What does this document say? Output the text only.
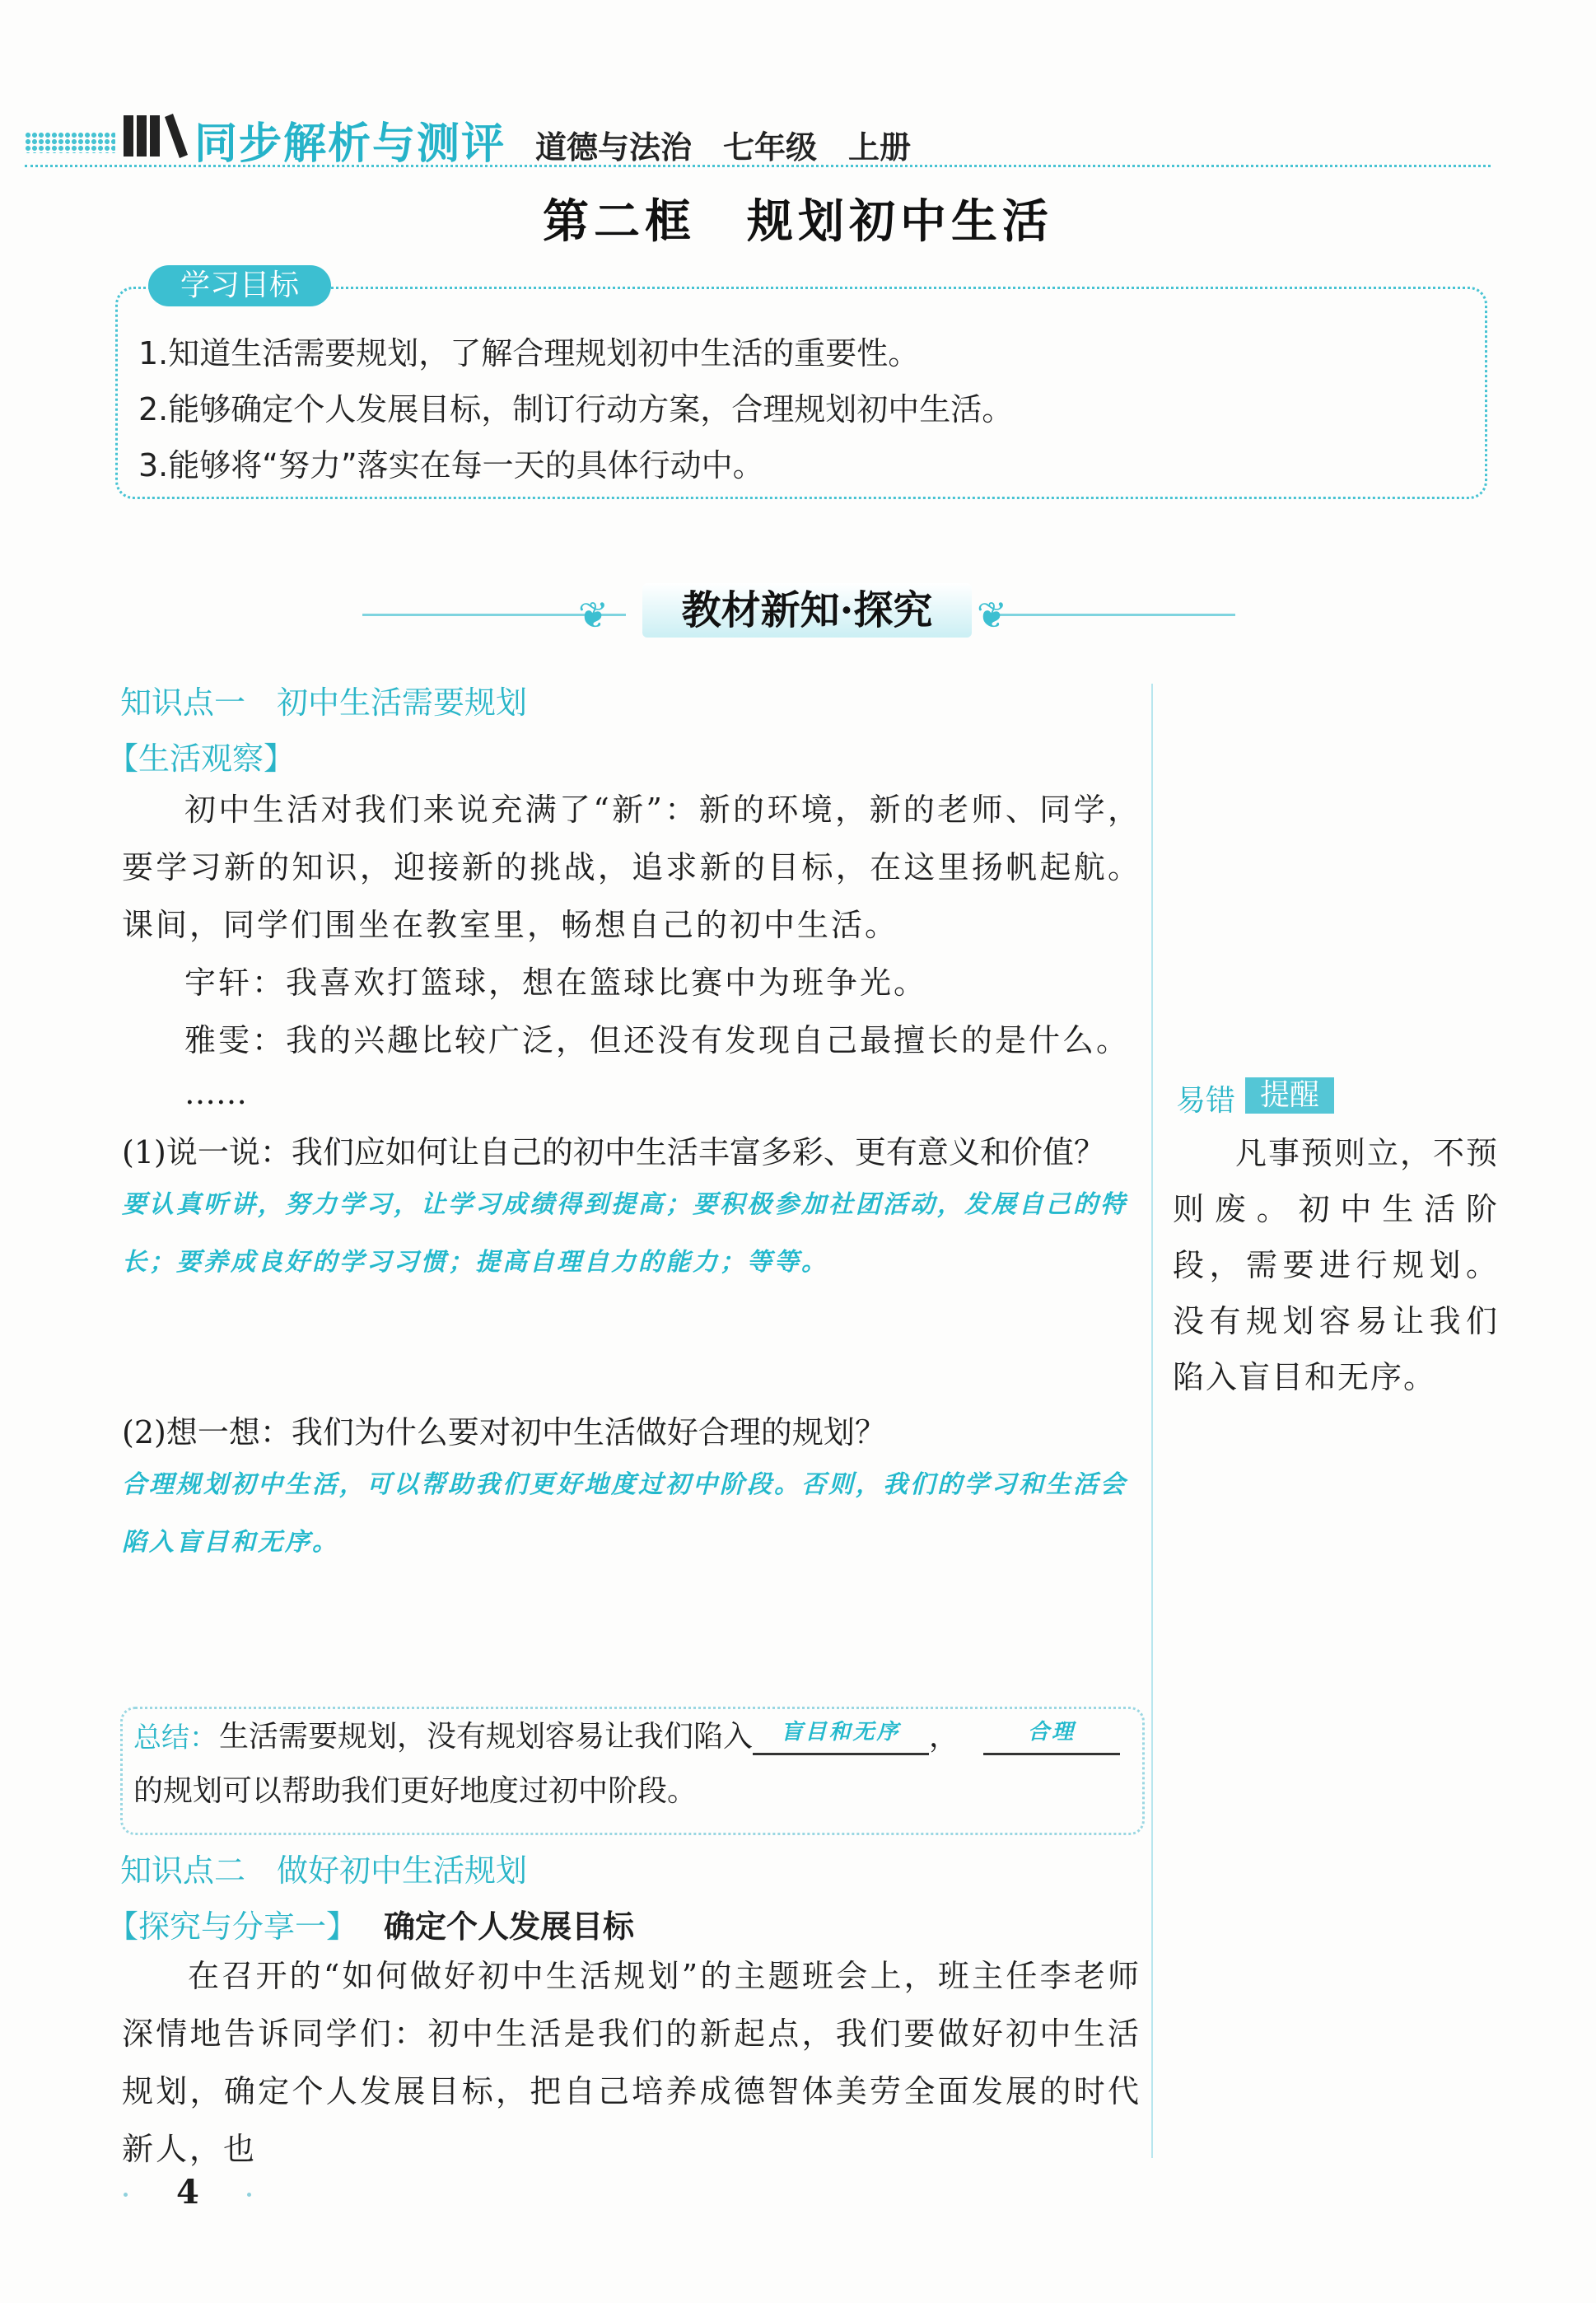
同步解析与测评 道德与法治　七年级　上册
第二框　规划初中生活
学习目标
1.知道生活需要规划，了解合理规划初中生活的重要性。
2.能够确定个人发展目标，制订行动方案，合理规划初中生活。
3.能够将“努力”落实在每一天的具体行动中。
❦	❦
教材新知·探究
知识点一　初中生活需要规划
【生活观察】
初中生活对我们来说充满了“新”：新的环境，新的老师、同学，要学习新的知识，迎接新的挑战，追求新的目标，在这里扬帆起航。课间，同学们围坐在教室里，畅想自己的初中生活。
宇轩：我喜欢打篮球，想在篮球比赛中为班争光。
雅雯：我的兴趣比较广泛，但还没有发现自己最擅长的是什么。
……
(1)说一说：我们应如何让自己的初中生活丰富多彩、更有意义和价值？
要认真听讲，努力学习，让学习成绩得到提高；要积极参加社团活动，发展自己的特长；要养成良好的学习习惯；提高自理自力的能力；等等。
(2)想一想：我们为什么要对初中生活做好合理的规划？
合理规划初中生活，可以帮助我们更好地度过初中阶段。否则，我们的学习和生活会陷入盲目和无序。
总结： 生活需要规划，没有规划容易让我们陷入 盲目和无序 ，	合理
的规划可以帮助我们更好地度过初中阶段。
知识点二　做好初中生活规划
【探究与分享一】 确定个人发展目标
在召开的“如何做好初中生活规划”的主题班会上，班主任李老师深情地告诉同学们：初中生活是我们的新起点，我们要做好初中生活规划，确定个人发展目标，把自己培养成德智体美劳全面发展的时代新人，也
易错 提醒
凡事预则立，不预则废。初中生活阶段，需要进行规划。没有规划容易让我们陷入盲目和无序。
4
